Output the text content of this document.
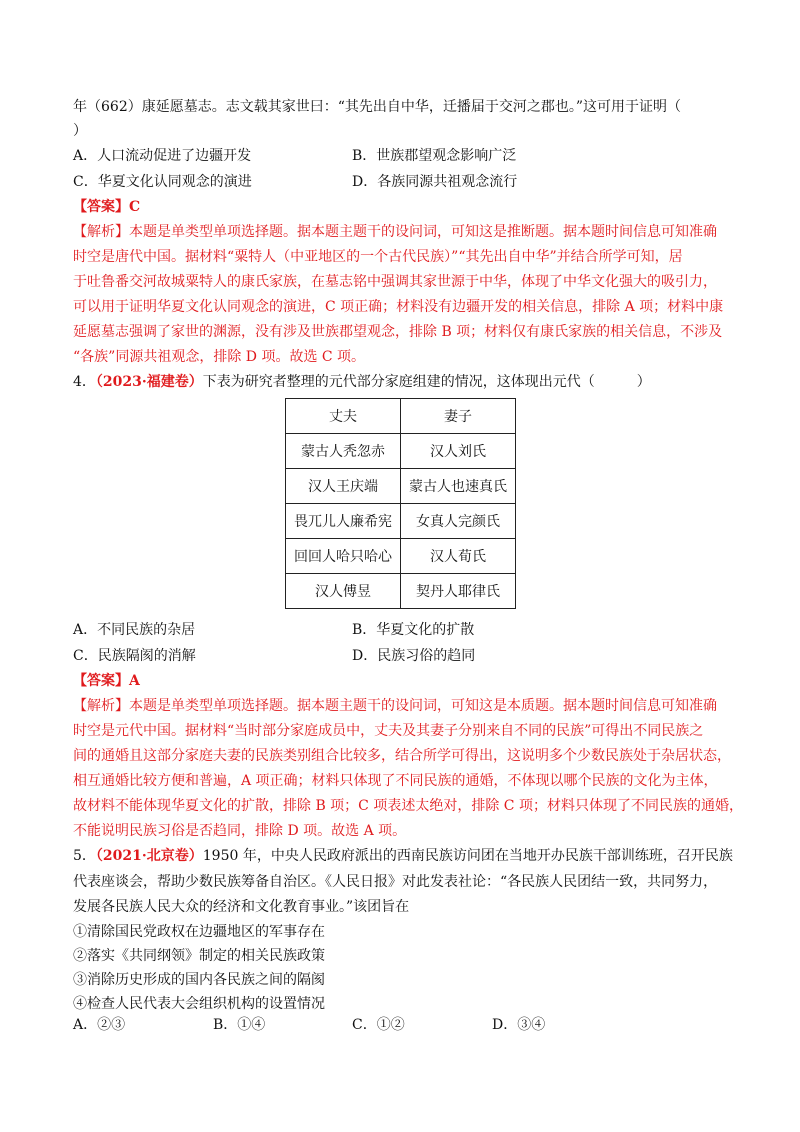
年（662）康延愿墓志。志文载其家世曰：“其先出自中华，迁播届于交河之郡也。”这可用于证明（
）
A．人口流动促进了边疆开发	B．世族郡望观念影响广泛
C．华夏文化认同观念的演进	D．各族同源共祖观念流行
【答案】C
【解析】本题是单类型单项选择题。据本题主题干的设问词，可知这是推断题。据本题时间信息可知准确
时空是唐代中国。据材料“粟特人（中亚地区的一个古代民族）”“其先出自中华”并结合所学可知，居
于吐鲁番交河故城粟特人的康氏家族，在墓志铭中强调其家世源于中华，体现了中华文化强大的吸引力，
可以用于证明华夏文化认同观念的演进，C 项正确；材料没有边疆开发的相关信息，排除 A 项；材料中康
延愿墓志强调了家世的渊源，没有涉及世族郡望观念，排除 B 项；材料仅有康氏家族的相关信息，不涉及
“各族”同源共祖观念，排除 D 项。故选 C 项。
4．（2023·福建卷）下表为研究者整理的元代部分家庭组建的情况，这体现出元代（　　　）
丈夫	妻子
蒙古人秃忽赤	汉人刘氏
汉人王庆端	蒙古人也速真氏
畏兀儿人廉希宪	女真人完颜氏
回回人哈只哈心	汉人荀氏
汉人傅昱	契丹人耶律氏
A．不同民族的杂居	B．华夏文化的扩散
C．民族隔阂的消解	D．民族习俗的趋同
【答案】A
【解析】本题是单类型单项选择题。据本题主题干的设问词，可知这是本质题。据本题时间信息可知准确
时空是元代中国。据材料“当时部分家庭成员中，丈夫及其妻子分别来自不同的民族”可得出不同民族之
间的通婚且这部分家庭夫妻的民族类别组合比较多，结合所学可得出，这说明多个少数民族处于杂居状态，
相互通婚比较方便和普遍，A 项正确；材料只体现了不同民族的通婚，不体现以哪个民族的文化为主体，
故材料不能体现华夏文化的扩散，排除 B 项；C 项表述太绝对，排除 C 项；材料只体现了不同民族的通婚，
不能说明民族习俗是否趋同，排除 D 项。故选 A 项。
5．（2021·北京卷）1950 年，中央人民政府派出的西南民族访问团在当地开办民族干部训练班，召开民族
代表座谈会，帮助少数民族筹备自治区。《人民日报》对此发表社论：“各民族人民团结一致，共同努力，
发展各民族人民大众的经济和文化教育事业。”该团旨在
①清除国民党政权在边疆地区的军事存在
②落实《共同纲领》制定的相关民族政策
③消除历史形成的国内各民族之间的隔阂
④检查人民代表大会组织机构的设置情况
A．②③	B．①④	C．①②	D．③④
